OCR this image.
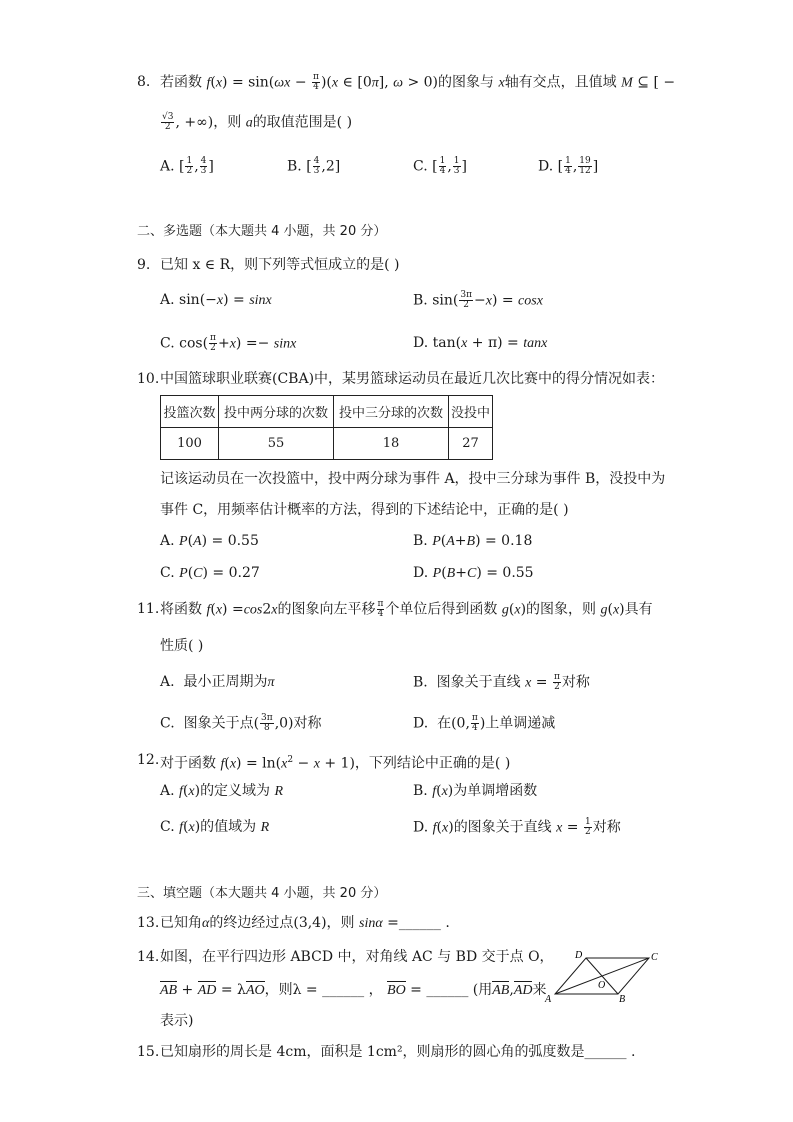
8. 若函数 $f(x) = \sin(\omega x - \frac{\pi}{4} )(x$ ∈ [0π], ω > 0)的图象与 x轴有交点，且值域 M ⊆ [ −
$\frac{√3}{2}$ , +∞)，则 a的取值范围是( )
A. [ $\frac{1}{2}$ , $\frac{4}{3}$ ]	B. [ $\frac{4}{3} ,2$]	C. [ $\frac{1}{4}$ , $\frac{1}{3}$ ]	D. [ $\frac{1}{4}$ , $\frac{19}{12}$ ]
二、多选题（本大题共 4 小题，共 20 分）
9. 已知 x ∈ R，则下列等式恒成立的是( )
A. sin(−x) = sinx	B. $\sin( \frac{3\pi}{2} -x) = \cos x$
C. $\cos( \frac{\pi}{2} +x) =- \sin x$	D. tan(x + π) = tanx
10. 中国篮球职业联赛(CBA)中，某男篮球运动员在最近几次比赛中的得分情况如表：
投篮次数	投中两分球的次数	投中三分球的次数	没投中
100	55	18	27
记该运动员在一次投篮中，投中两分球为事件 A，投中三分球为事件 B，没投中为
事件 C，用频率估计概率的方法，得到的下述结论中，正确的是( )
A. P(A) = 0.55	B. P(A+B) = 0.18
C. P(C) = 0.27	D. P(B+C) = 0.55
11. 将函数 f(x) =cos2x的图象向左平移 $\frac{\pi}{4}$ 个单位后得到函数 g(x)的图象，则 g(x)具有
性质( )
A. 最小正周期为π	B. 图象关于直线 $x = \frac{\pi}{2}$ 对称
C. 图象关于点( $\frac{3\pi}{8} ,0$)对称	D. 在(0, $\frac{\pi}{4}$ )上单调递减
12. 对于函数 $f(x) = \ln(x^2 - x + 1)$，下列结论中正确的是( )
A. f(x)的定义域为 R	B. f(x)为单调增函数
C. f(x)的值域为 R	D. f(x)的图象关于直线 $x = \frac{1}{2}$ 对称
三、填空题（本大题共 4 小题，共 20 分）
13. 已知角α的终边经过点(3,4)，则 sinα =______ .
14. 如图，在平行四边形 ABCD 中，对角线 AC 与 BD 交于点 O，
AB + AD = λAO，则λ = ______ ， BO = ______ (用AB,AD来
表示)
A	B
C
D
O
15. 已知扇形的周长是 4cm，面积是 1cm²，则扇形的圆心角的弧度数是______ .
